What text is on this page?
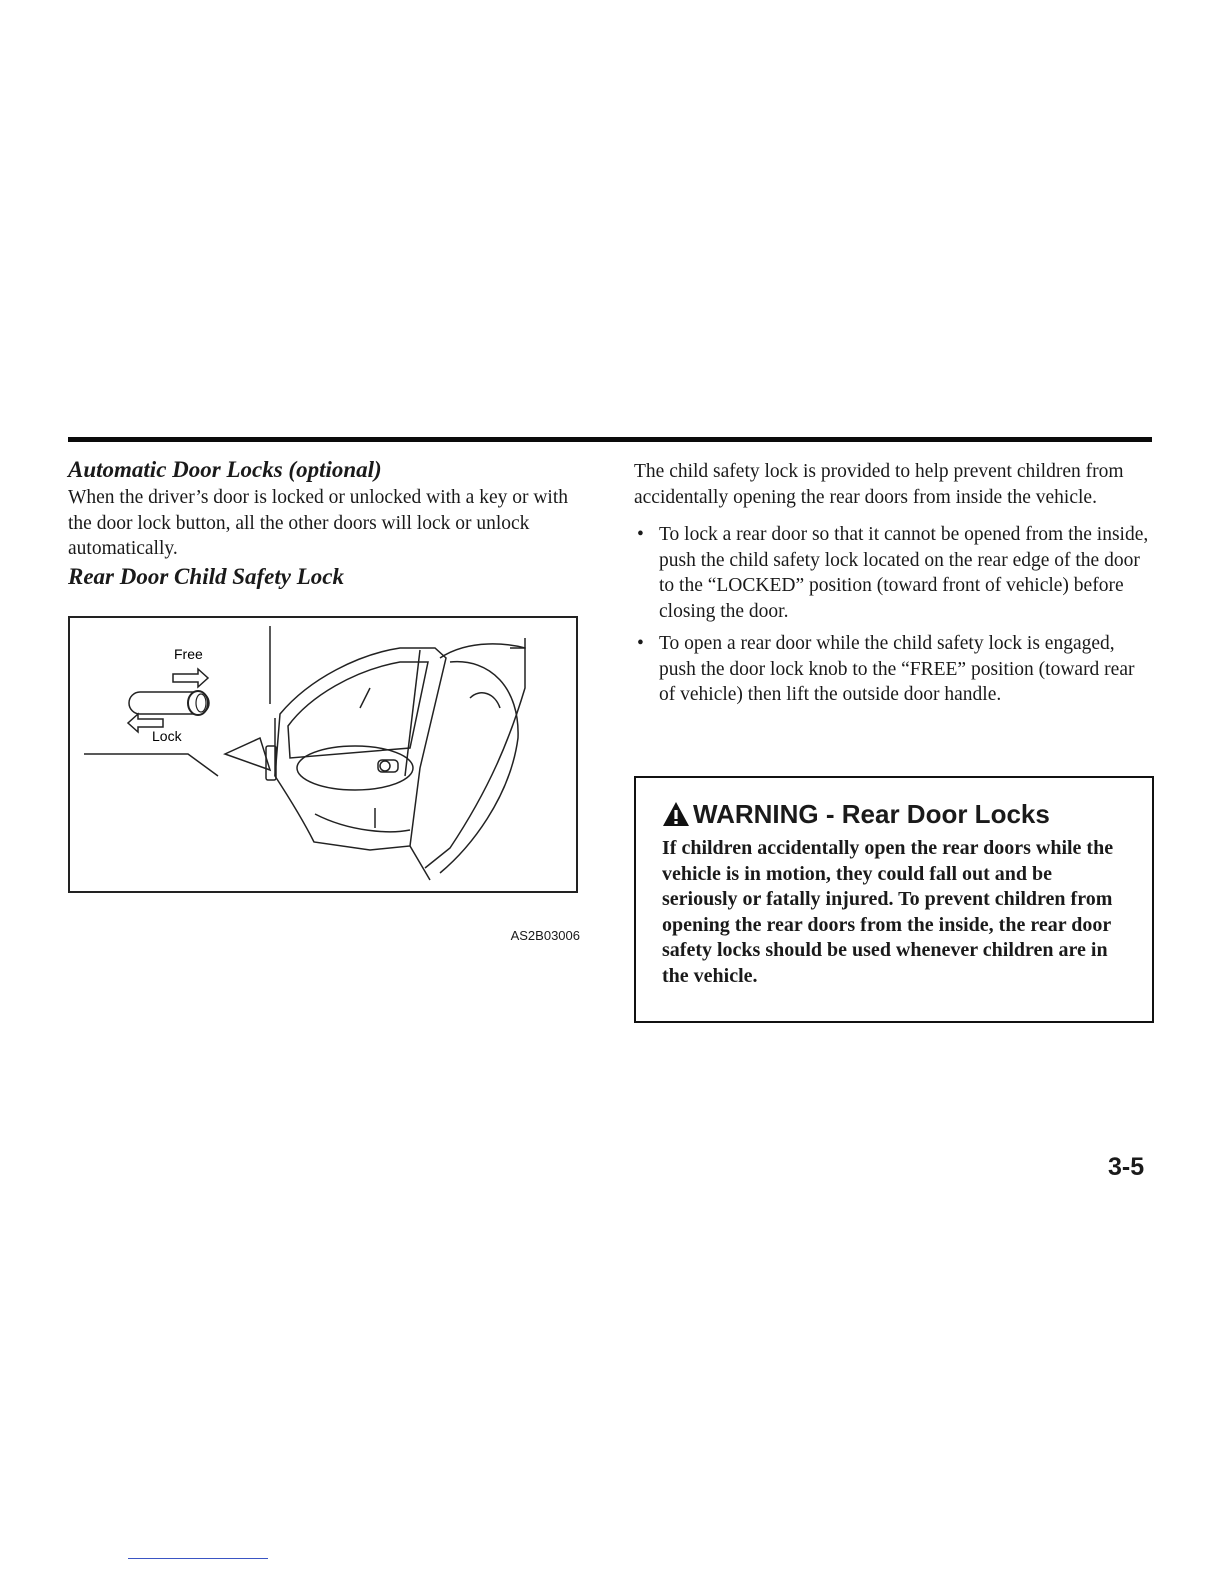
Automatic Door Locks (optional)

When the driver’s door is locked or unlocked with a key or with the door lock button, all the other doors will lock or unlock automatically.

Rear Door Child Safety Lock
Free
Lock
AS2B03006

The child safety lock is provided to help prevent children from accidentally opening the rear doors from inside the vehicle.

• To lock a rear door so that it cannot be opened from the inside, push the child safety lock located on the rear edge of the door to the “LOCKED” position (toward front of vehicle) before closing the door.
• To open a rear door while the child safety lock is engaged, push the door lock knob to the “FREE” position (toward rear of vehicle) then lift the outside door handle.
WARNING - Rear Door Locks

If children accidentally open the rear doors while the vehicle is in motion, they could fall out and be seriously or fatally injured. To prevent children from opening the rear doors from the inside, the rear door safety locks should be used whenever children are in the vehicle.

3-5
